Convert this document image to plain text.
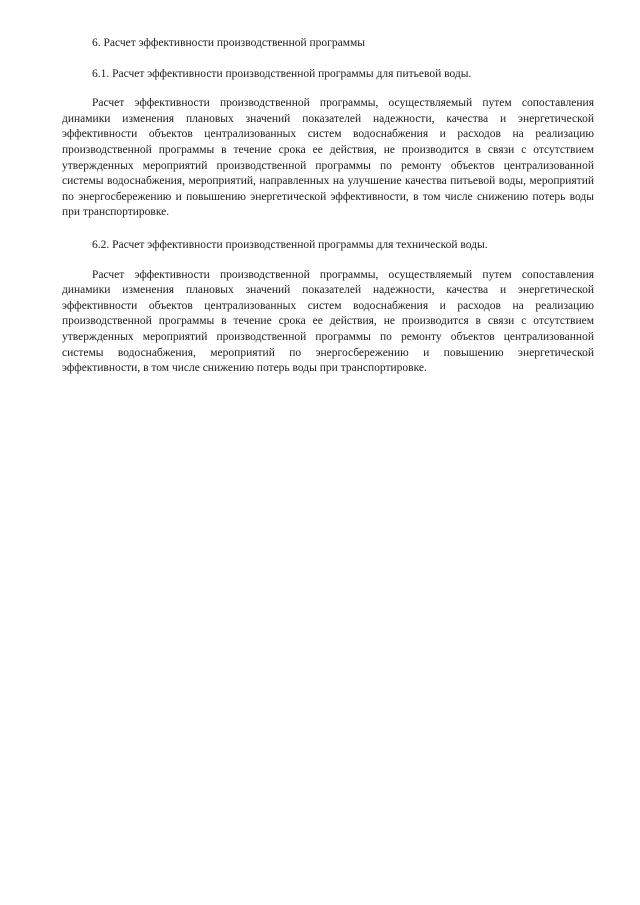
6. Расчет эффективности производственной программы

6.1. Расчет эффективности производственной программы для питьевой воды.

Расчет эффективности производственной программы, осуществляемый путем сопоставления динамики изменения плановых значений показателей надежности, качества и энергетической эффективности объектов централизованных систем водоснабжения и расходов на реализацию производственной программы в течение срока ее действия, не производится в связи с отсутствием утвержденных мероприятий производственной программы по ремонту объектов централизованной системы водоснабжения, мероприятий, направленных на улучшение качества питьевой воды, мероприятий по энергосбережению и повышению энергетической эффективности, в том числе снижению потерь воды при транспортировке.

6.2. Расчет эффективности производственной программы для технической воды.

Расчет эффективности производственной программы, осуществляемый путем сопоставления динамики изменения плановых значений показателей надежности, качества и энергетической эффективности объектов централизованных систем водоснабжения и расходов на реализацию производственной программы в течение срока ее действия, не производится в связи с отсутствием утвержденных мероприятий производственной программы по ремонту объектов централизованной системы водоснабжения, мероприятий по энергосбережению и повышению энергетической эффективности, в том числе снижению потерь воды при транспортировке.
